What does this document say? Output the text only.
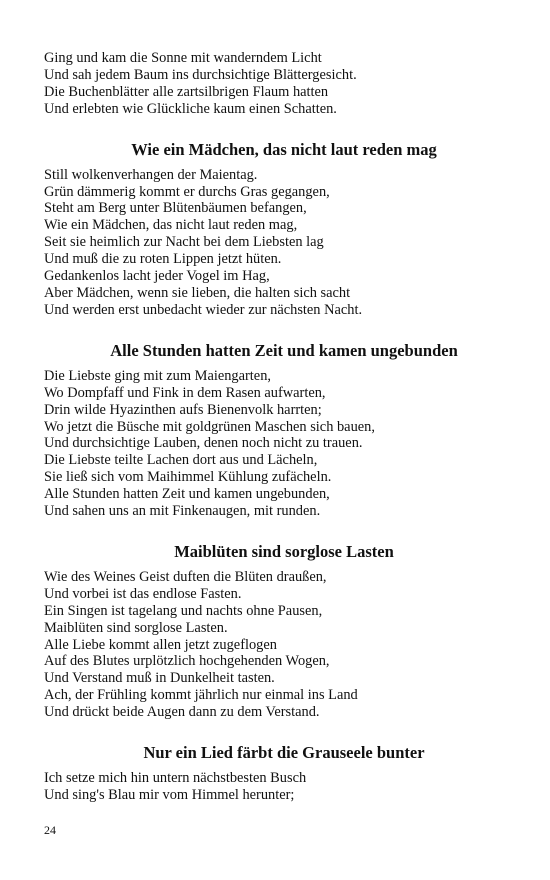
Ging und kam die Sonne mit wanderndem Licht
Und sah jedem Baum ins durchsichtige Blättergesicht.
Die Buchenblätter alle zartsilbrigen Flaum hatten
Und erlebten wie Glückliche kaum einen Schatten.
Wie ein Mädchen, das nicht laut reden mag
Still wolkenverhangen der Maientag.
Grün dämmerig kommt er durchs Gras gegangen,
Steht am Berg unter Blütenbäumen befangen,
Wie ein Mädchen, das nicht laut reden mag,
Seit sie heimlich zur Nacht bei dem Liebsten lag
Und muß die zu roten Lippen jetzt hüten.
Gedankenlos lacht jeder Vogel im Hag,
Aber Mädchen, wenn sie lieben, die halten sich sacht
Und werden erst unbedacht wieder zur nächsten Nacht.
Alle Stunden hatten Zeit und kamen ungebunden
Die Liebste ging mit zum Maiengarten,
Wo Dompfaff und Fink in dem Rasen aufwarten,
Drin wilde Hyazinthen aufs Bienenvolk harrten;
Wo jetzt die Büsche mit goldgrünen Maschen sich bauen,
Und durchsichtige Lauben, denen noch nicht zu trauen.
Die Liebste teilte Lachen dort aus und Lächeln,
Sie ließ sich vom Maihimmel Kühlung zufächeln.
Alle Stunden hatten Zeit und kamen ungebunden,
Und sahen uns an mit Finkenaugen, mit runden.
Maiblüten sind sorglose Lasten
Wie des Weines Geist duften die Blüten draußen,
Und vorbei ist das endlose Fasten.
Ein Singen ist tagelang und nachts ohne Pausen,
Maiblüten sind sorglose Lasten.
Alle Liebe kommt allen jetzt zugeflogen
Auf des Blutes urplötzlich hochgehenden Wogen,
Und Verstand muß in Dunkelheit tasten.
Ach, der Frühling kommt jährlich nur einmal ins Land
Und drückt beide Augen dann zu dem Verstand.
Nur ein Lied färbt die Grauseele bunter
Ich setze mich hin untern nächstbesten Busch
Und sing's Blau mir vom Himmel herunter;
24
